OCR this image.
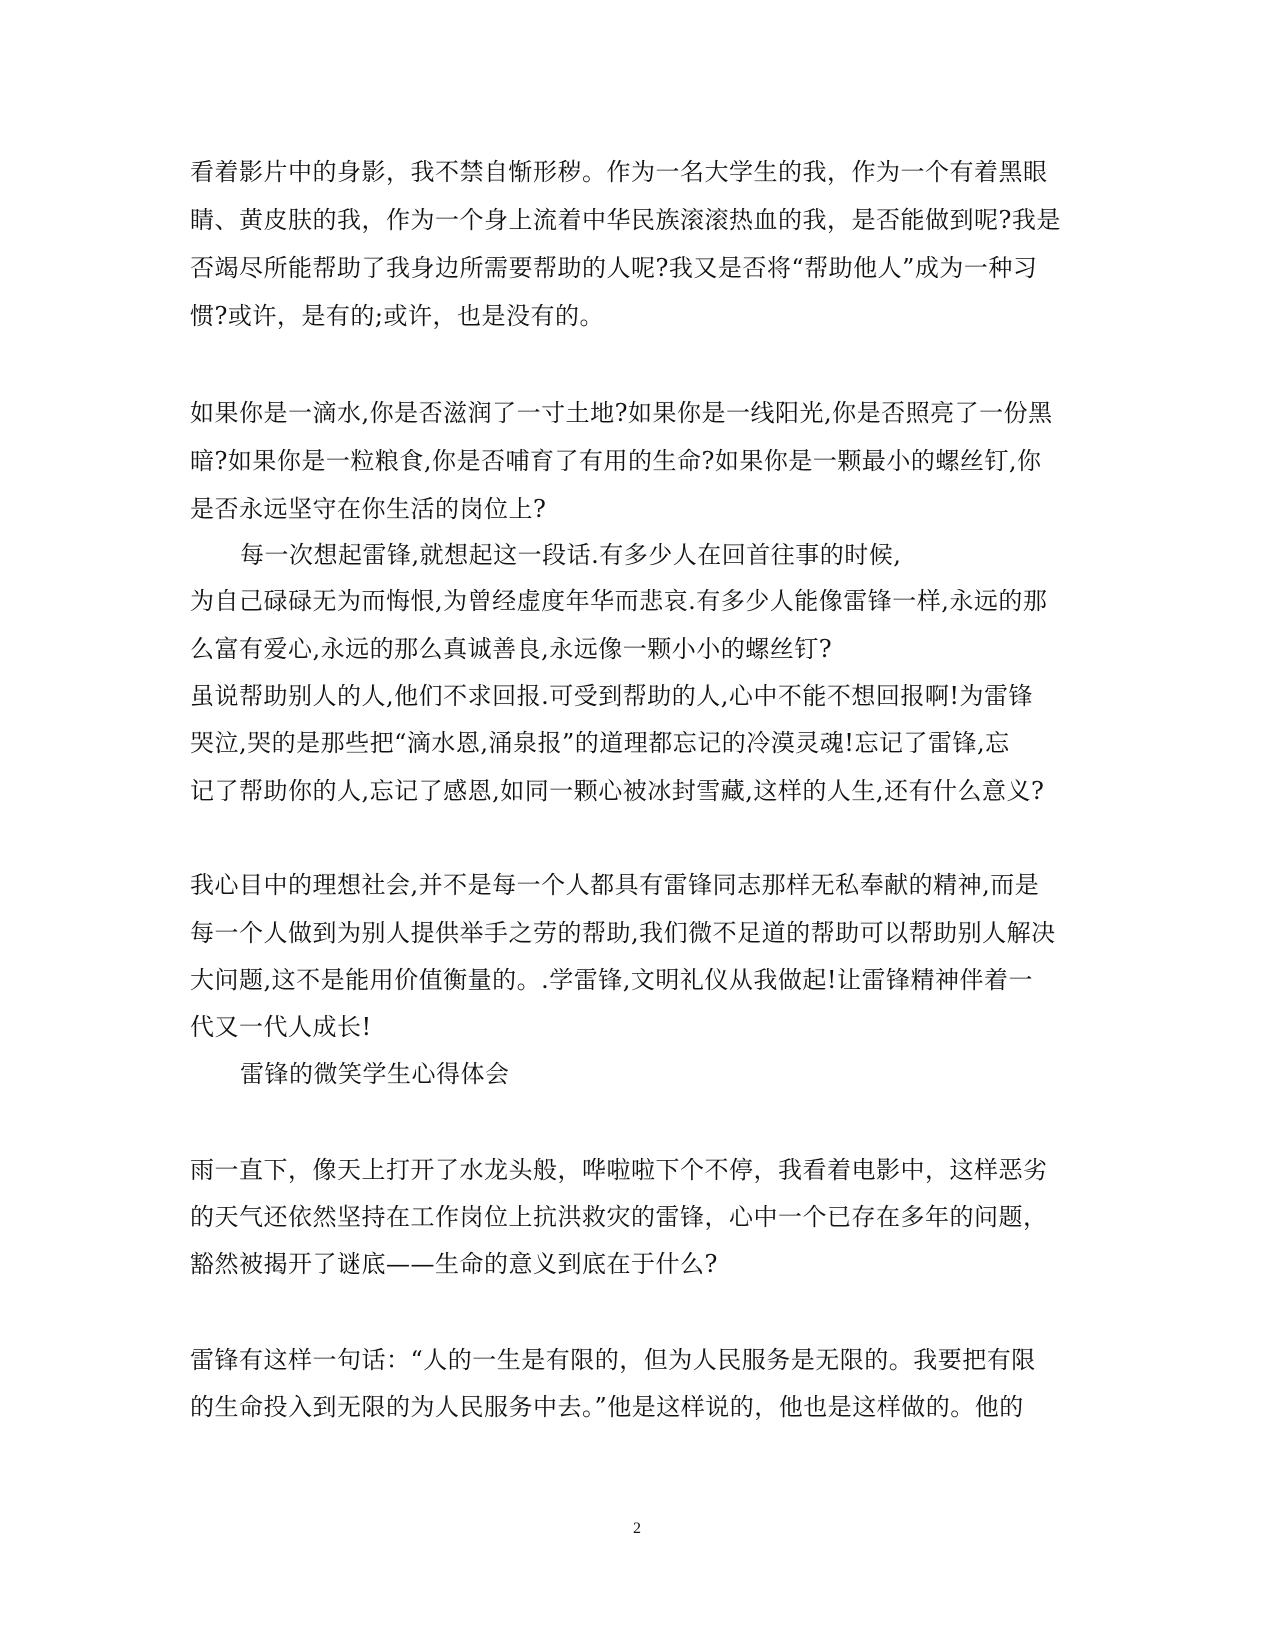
看着影片中的身影，我不禁自惭形秽。作为一名大学生的我，作为一个有着黑眼
睛、黄皮肤的我，作为一个身上流着中华民族滚滚热血的我，是否能做到呢?我是
否竭尽所能帮助了我身边所需要帮助的人呢?我又是否将“帮助他人”成为一种习
惯?或许，是有的;或许，也是没有的。
如果你是一滴水,你是否滋润了一寸土地?如果你是一线阳光,你是否照亮了一份黑
暗?如果你是一粒粮食,你是否哺育了有用的生命?如果你是一颗最小的螺丝钉,你
是否永远坚守在你生活的岗位上?
每一次想起雷锋,就想起这一段话.有多少人在回首往事的时候,
为自己碌碌无为而悔恨,为曾经虚度年华而悲哀.有多少人能像雷锋一样,永远的那
么富有爱心,永远的那么真诚善良,永远像一颗小小的螺丝钉?
虽说帮助别人的人,他们不求回报.可受到帮助的人,心中不能不想回报啊!为雷锋
哭泣,哭的是那些把“滴水恩,涌泉报”的道理都忘记的冷漠灵魂!忘记了雷锋,忘
记了帮助你的人,忘记了感恩,如同一颗心被冰封雪藏,这样的人生,还有什么意义?
我心目中的理想社会,并不是每一个人都具有雷锋同志那样无私奉献的精神,而是
每一个人做到为别人提供举手之劳的帮助,我们微不足道的帮助可以帮助别人解决
大问题,这不是能用价值衡量的。.学雷锋,文明礼仪从我做起!让雷锋精神伴着一
代又一代人成长!
雷锋的微笑学生心得体会
雨一直下，像天上打开了水龙头般，哗啦啦下个不停，我看着电影中，这样恶劣
的天气还依然坚持在工作岗位上抗洪救灾的雷锋，心中一个已存在多年的问题，
豁然被揭开了谜底——生命的意义到底在于什么?
雷锋有这样一句话：“人的一生是有限的，但为人民服务是无限的。我要把有限
的生命投入到无限的为人民服务中去。”他是这样说的，他也是这样做的。他的
2
